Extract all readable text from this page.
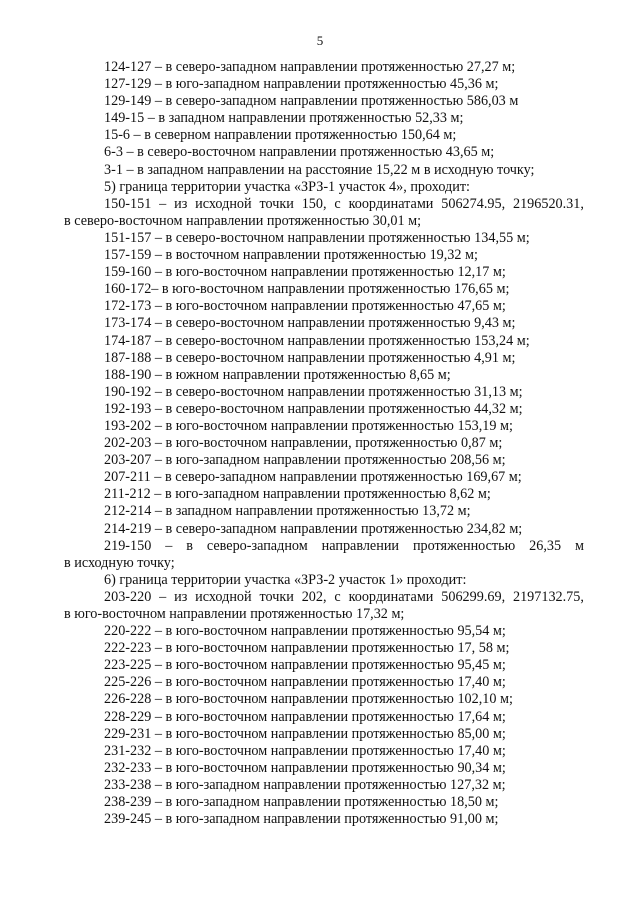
5
124-127 – в северо-западном направлении протяженностью 27,27 м;
127-129 – в юго-западном направлении протяженностью 45,36 м;
129-149 – в северо-западном направлении протяженностью 586,03 м
149-15 – в западном направлении протяженностью 52,33 м;
15-6 – в северном направлении протяженностью 150,64 м;
6-3 – в северо-восточном направлении протяженностью 43,65 м;
3-1 – в западном направлении на расстояние 15,22 м в исходную точку;
5) граница территории участка «ЗРЗ-1 участок 4», проходит:
150-151 – из исходной точки 150, с координатами 506274.95, 2196520.31,
в северо-восточном направлении протяженностью 30,01 м;
151-157 – в северо-восточном направлении протяженностью 134,55 м;
157-159 – в восточном направлении протяженностью 19,32 м;
159-160 – в юго-восточном направлении протяженностью 12,17 м;
160-172– в юго-восточном направлении протяженностью 176,65 м;
172-173 – в юго-восточном направлении протяженностью 47,65 м;
173-174 – в северо-восточном направлении протяженностью 9,43 м;
174-187 – в северо-восточном направлении протяженностью 153,24 м;
187-188 – в северо-восточном направлении протяженностью 4,91 м;
188-190 – в южном направлении протяженностью 8,65 м;
190-192 – в северо-восточном направлении протяженностью 31,13 м;
192-193 – в северо-восточном направлении протяженностью 44,32 м;
193-202 – в юго-восточном направлении протяженностью 153,19 м;
202-203 – в юго-восточном направлении, протяженностью 0,87 м;
203-207 – в юго-западном направлении протяженностью 208,56 м;
207-211 – в северо-западном направлении протяженностью 169,67 м;
211-212 – в юго-западном направлении протяженностью 8,62 м;
212-214 – в западном направлении протяженностью 13,72 м;
214-219 – в северо-западном направлении протяженностью 234,82 м;
219-150 – в северо-западном направлении протяженностью 26,35 м
в исходную точку;
6) граница территории участка «ЗРЗ-2 участок 1» проходит:
203-220 – из исходной точки 202, с координатами 506299.69, 2197132.75,
в юго-восточном направлении протяженностью 17,32 м;
220-222 – в юго-восточном направлении протяженностью 95,54 м;
222-223 – в юго-восточном направлении протяженностью 17, 58 м;
223-225 – в юго-восточном направлении протяженностью 95,45 м;
225-226 – в юго-восточном направлении протяженностью 17,40 м;
226-228 – в юго-восточном направлении протяженностью 102,10 м;
228-229 – в юго-восточном направлении протяженностью 17,64 м;
229-231 – в юго-восточном направлении протяженностью 85,00 м;
231-232 – в юго-восточном направлении протяженностью 17,40 м;
232-233 – в юго-восточном направлении протяженностью 90,34 м;
233-238 – в юго-западном направлении протяженностью 127,32 м;
238-239 – в юго-западном направлении протяженностью 18,50 м;
239-245 – в юго-западном направлении протяженностью 91,00 м;
